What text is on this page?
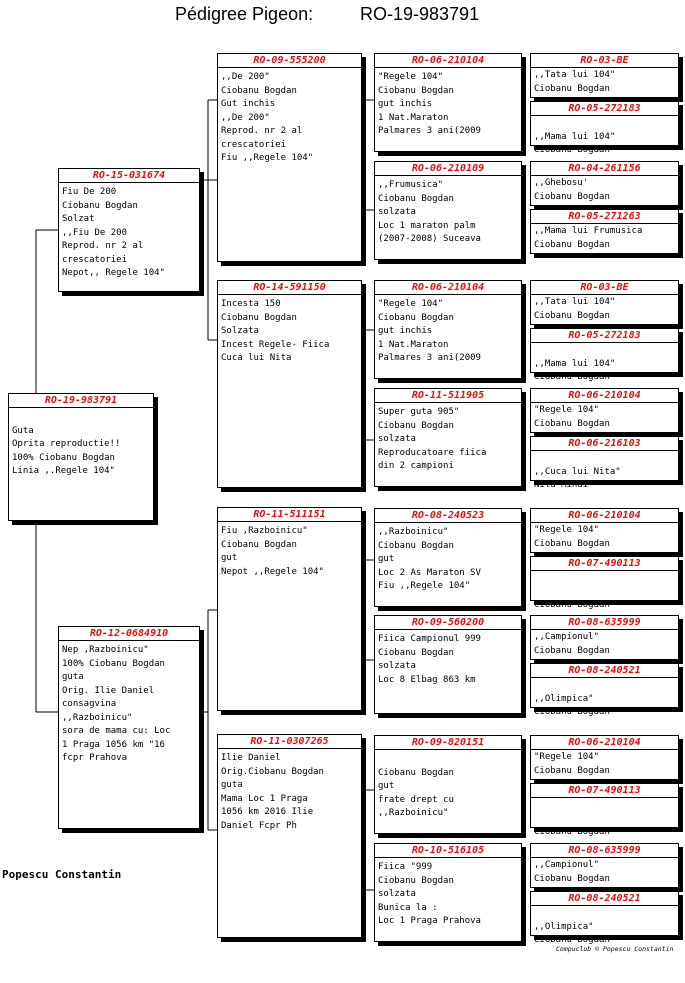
Pédigree Pigeon:	RO-19-983791
RO-19-983791
Guta
Oprita reproductie!!
100% Ciobanu Bogdan
Linia ,.Regele 104"
RO-15-031674
Fiu De 200
Ciobanu Bogdan
Solzat
,,Fiu De 200
Reprod. nr 2 al
crescatoriei
Nepot,, Regele 104"
RO-12-0684910
Nep ,Razboinicu"
100% Ciobanu Bogdan
guta
Orig. Ilie Daniel
consagvina
,,Razboinicu"
sora de mama cu: Loc
1 Praga 1056 km "16
fcpr Prahova
RO-09-555200
,,De 200"
Ciobanu Bogdan
Gut inchis
,,De 200"
Reprod. nr 2 al
crescatoriei
Fiu ,,Regele 104"
RO-14-591150
Incesta 150
Ciobanu Bogdan
Solzata
Incest Regele- Fiica
Cuca lui Nita
RO-11-511151
Fiu ,Razboinicu"
Ciobanu Bogdan
gut
Nepot ,,Regele 104"
RO-11-0307265
Ilie Daniel
Orig.Ciobanu Bogdan
guta
Mama Loc 1 Praga
1056 km 2016 Ilie
Daniel Fcpr Ph
RO-06-210104
"Regele 104"
Ciobanu Bogdan
gut inchis
1 Nat.Maraton
Palmares 3 ani(2009
RO-06-210109
,,Frumusica"
Ciobanu Bogdan
solzata
Loc 1 maraton palm
(2007-2008) Suceava
RO-06-210104
"Regele 104"
Ciobanu Bogdan
gut inchis
1 Nat.Maraton
Palmares 3 ani(2009
RO-11-511905
Super guta 905"
Ciobanu Bogdan
solzata
Reproducatoare fiica
din 2 campioni
RO-08-240523
,,Razboinicu"
Ciobanu Bogdan
gut
Loc 2 As Maraton SV
Fiu ,,Regele 104"
RO-09-560200
Fiica Campionul 999
Ciobanu Bogdan
solzata
Loc 8 Elbag 863 km
RO-09-820151
Ciobanu Bogdan
gut
frate drept cu
,,Razboinicu"
RO-10-516105
Fiica "999
Ciobanu Bogdan
solzata
Bunica la :
Loc 1 Praga Prahova
RO-03-BE
,,Tata lui 104"
Ciobanu Bogdan
RO-05-272183
,,Mama lui 104"
Ciobanu Bogdan
RO-04-261156
,,Ghebosu'
Ciobanu Bogdan
RO-05-271263
,,Mama lui Frumusica
Ciobanu Bogdan
RO-03-BE
,,Tata lui 104"
Ciobanu Bogdan
RO-05-272183
,,Mama lui 104"
Ciobanu Bogdan
RO-06-210104
"Regele 104"
Ciobanu Bogdan
RO-06-216103
,,Cuca lui Nita"
Nita Mihai
RO-06-210104
"Regele 104"
Ciobanu Bogdan
RO-07-490113
Ciobanu Bogdan
RO-08-635999
,,Campionul"
Ciobanu Bogdan
RO-08-240521
,,Olimpica"
Ciobanu Bogdan
RO-06-210104
"Regele 104"
Ciobanu Bogdan
RO-07-490113
Ciobanu Bogdan
RO-08-635999
,,Campionul"
Ciobanu Bogdan
RO-08-240521
,,Olimpica"
Ciobanu Bogdan
Popescu Constantin
Compuclub © Popescu Constantin
